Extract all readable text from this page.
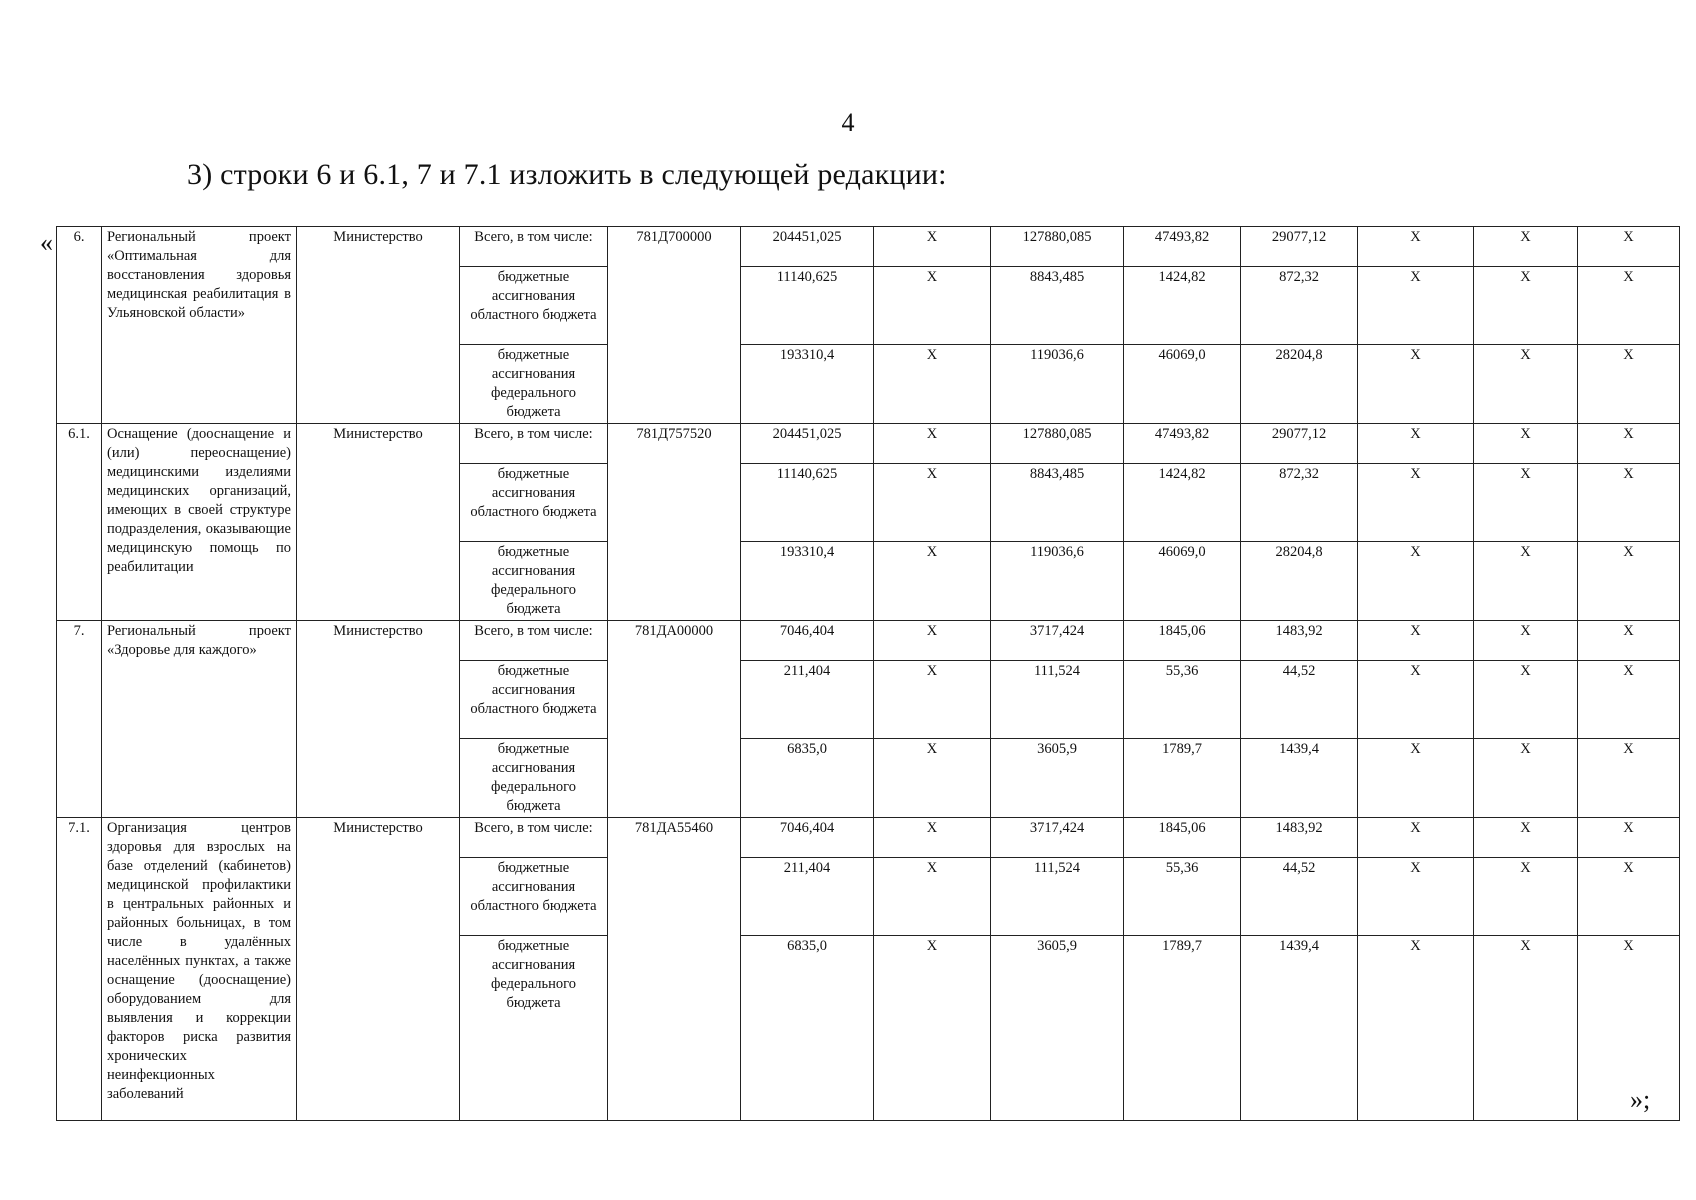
4
3) строки 6 и 6.1, 7 и 7.1 изложить в следующей редакции:
« 6.	Региональный проект «Оптимальная для восстановления здоровья медицинская реабилитация в Ульяновской области»	Министерство	Всего, в том числе:	781Д700000	204451,025	X	127880,085	47493,82	29077,12	X	X	X
			бюджетные ассигнования областного бюджета		11140,625	X	8843,485	1424,82	872,32	X	X	X
			бюджетные ассигнования федерального бюджета		193310,4	X	119036,6	46069,0	28204,8	X	X	X
6.1.	Оснащение (дооснащение и (или) переоснащение) медицинскими изделиями медицинских организаций, имеющих в своей структуре подразделения, оказывающие медицинскую помощь по реабилитации	Министерство	Всего, в том числе:	781Д757520	204451,025	X	127880,085	47493,82	29077,12	X	X	X
			бюджетные ассигнования областного бюджета		11140,625	X	8843,485	1424,82	872,32	X	X	X
			бюджетные ассигнования федерального бюджета		193310,4	X	119036,6	46069,0	28204,8	X	X	X
7.	Региональный проект «Здоровье для каждого»	Министерство	Всего, в том числе:	781ДА00000	7046,404	X	3717,424	1845,06	1483,92	X	X	X
			бюджетные ассигнования областного бюджета		211,404	X	111,524	55,36	44,52	X	X	X
			бюджетные ассигнования федерального бюджета		6835,0	X	3605,9	1789,7	1439,4	X	X	X
7.1.	Организация центров здоровья для взрослых на базе отделений (кабинетов) медицинской профилактики в центральных районных и районных больницах, в том числе в удалённых населённых пунктах, а также оснащение (дооснащение) оборудованием для выявления и коррекции факторов риска развития хронических неинфекционных заболеваний	Министерство	Всего, в том числе:	781ДА55460	7046,404	X	3717,424	1845,06	1483,92	X	X	X
			бюджетные ассигнования областного бюджета		211,404	X	111,524	55,36	44,52	X	X	X
			бюджетные ассигнования федерального бюджета		6835,0	X	3605,9	1789,7	1439,4	X	X	X
»;
